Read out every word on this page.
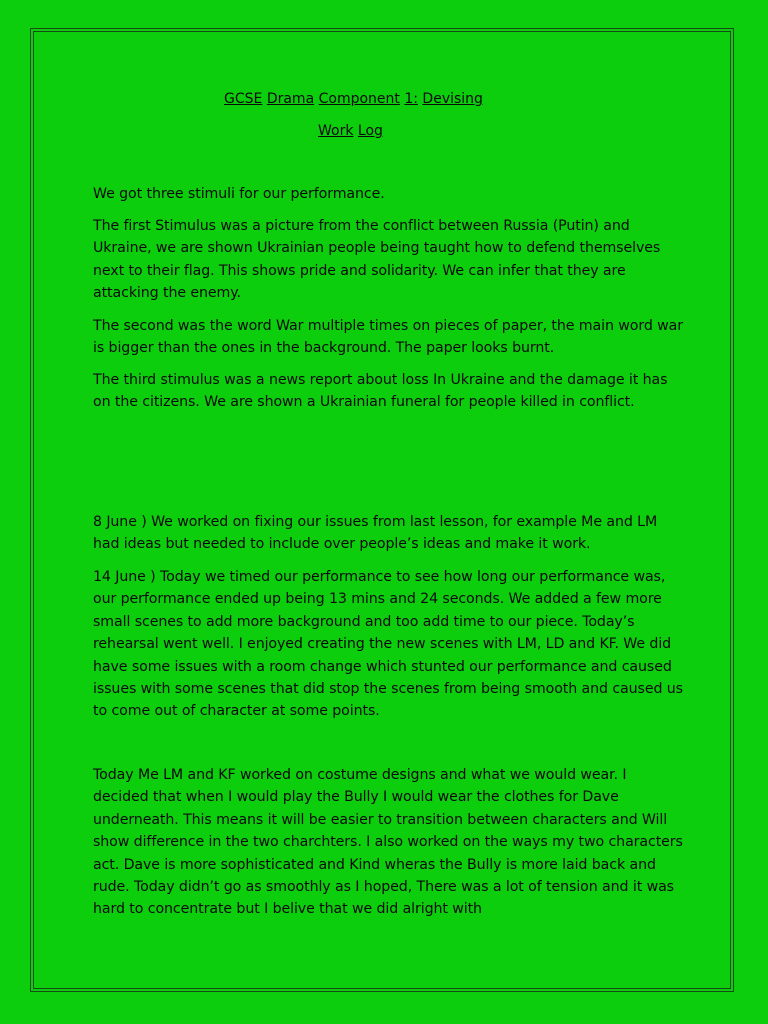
GCSE Drama Component 1: Devising
Work Log

We got three stimuli for our performance.

The first Stimulus was a picture from the conflict between Russia (Putin) and Ukraine, we are shown Ukrainian people being taught how to defend themselves next to their flag. This shows pride and solidarity. We can infer that they are attacking the enemy.

The second was the word War multiple times on pieces of paper, the main word war is bigger than the ones in the background. The paper looks burnt.

The third stimulus was a news report about loss In Ukraine and the damage it has on the citizens. We are shown a Ukrainian funeral for people killed in conflict.

8 June ) We worked on fixing our issues from last lesson, for example Me and LM had ideas but needed to include over people’s ideas and make it work.

14 June ) Today we timed our performance to see how long our performance was, our performance ended up being 13 mins and 24 seconds. We added a few more small scenes to add more background and too add time to our piece. Today’s rehearsal went well. I enjoyed creating the new scenes with LM, LD and KF. We did have some issues with a room change which stunted our performance and caused issues with some scenes that did stop the scenes from being smooth and caused us to come out of character at some points.

Today Me LM and KF worked on costume designs and what we would wear. I decided that when I would play the Bully I would wear the clothes for Dave underneath. This means it will be easier to transition between characters and Will show difference in the two charchters. I also worked on the ways my two characters act. Dave is more sophisticated and Kind wheras the Bully is more laid back and rude. Today didn’t go as smoothly as I hoped, There was a lot of tension and it was hard to concentrate but I belive that we did alright with
